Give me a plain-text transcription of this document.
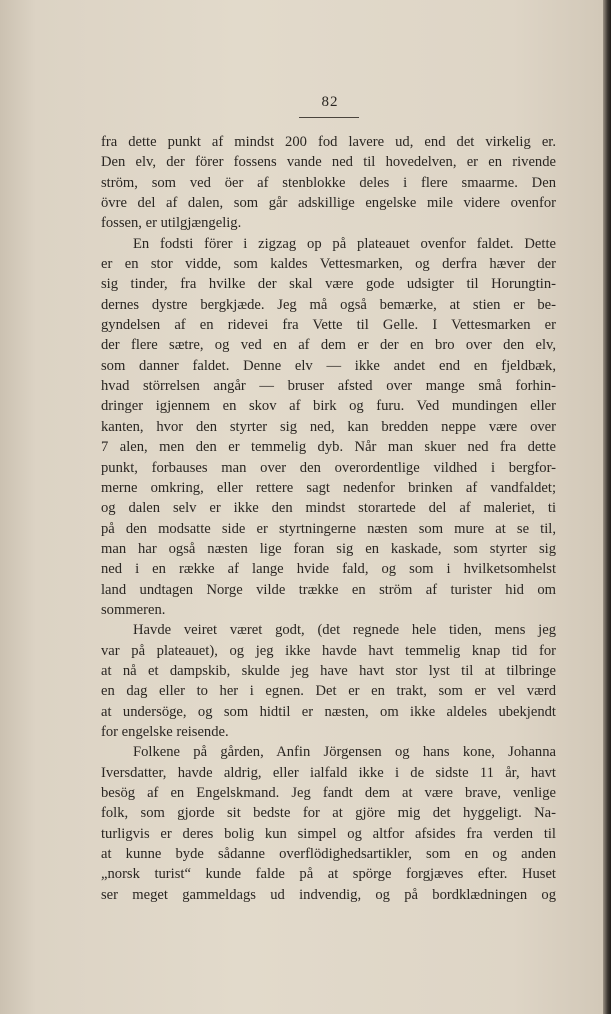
82
fra dette punkt af mindst 200 fod lavere ud, end det virkelig er.
Den elv, der förer fossens vande ned til hovedelven, er en rivende
ström, som ved öer af stenblokke deles i flere smaarme. Den
övre del af dalen, som går adskillige engelske mile videre ovenfor
fossen, er utilgjængelig.
En fodsti förer i zigzag op på plateauet ovenfor faldet. Dette
er en stor vidde, som kaldes Vettesmarken, og derfra hæver der
sig tinder, fra hvilke der skal være gode udsigter til Horungtin-
dernes dystre bergkjæde. Jeg må også bemærke, at stien er be-
gyndelsen af en ridevei fra Vette til Gelle. I Vettesmarken er
der flere sætre, og ved en af dem er der en bro over den elv,
som danner faldet. Denne elv — ikke andet end en fjeldbæk,
hvad störrelsen angår — bruser afsted over mange små forhin-
dringer igjennem en skov af birk og furu. Ved mundingen eller
kanten, hvor den styrter sig ned, kan bredden neppe være over
7 alen, men den er temmelig dyb. Når man skuer ned fra dette
punkt, forbauses man over den overordentlige vildhed i bergfor-
merne omkring, eller rettere sagt nedenfor brinken af vandfaldet;
og dalen selv er ikke den mindst storartede del af maleriet, ti
på den modsatte side er styrtningerne næsten som mure at se til,
man har også næsten lige foran sig en kaskade, som styrter sig
ned i en række af lange hvide fald, og som i hvilketsomhelst
land undtagen Norge vilde trække en ström af turister hid om
sommeren.
Havde veiret været godt, (det regnede hele tiden, mens jeg
var på plateauet), og jeg ikke havde havt temmelig knap tid for
at nå et dampskib, skulde jeg have havt stor lyst til at tilbringe
en dag eller to her i egnen. Det er en trakt, som er vel værd
at undersöge, og som hidtil er næsten, om ikke aldeles ubekjendt
for engelske reisende.
Folkene på gården, Anfin Jörgensen og hans kone, Johanna
Iversdatter, havde aldrig, eller ialfald ikke i de sidste 11 år, havt
besög af en Engelskmand. Jeg fandt dem at være brave, venlige
folk, som gjorde sit bedste for at gjöre mig det hyggeligt. Na-
turligvis er deres bolig kun simpel og altfor afsides fra verden til
at kunne byde sådanne overflödighedsartikler, som en og anden
„norsk turist“ kunde falde på at spörge forgjæves efter. Huset
ser meget gammeldags ud indvendig, og på bordklædningen og
